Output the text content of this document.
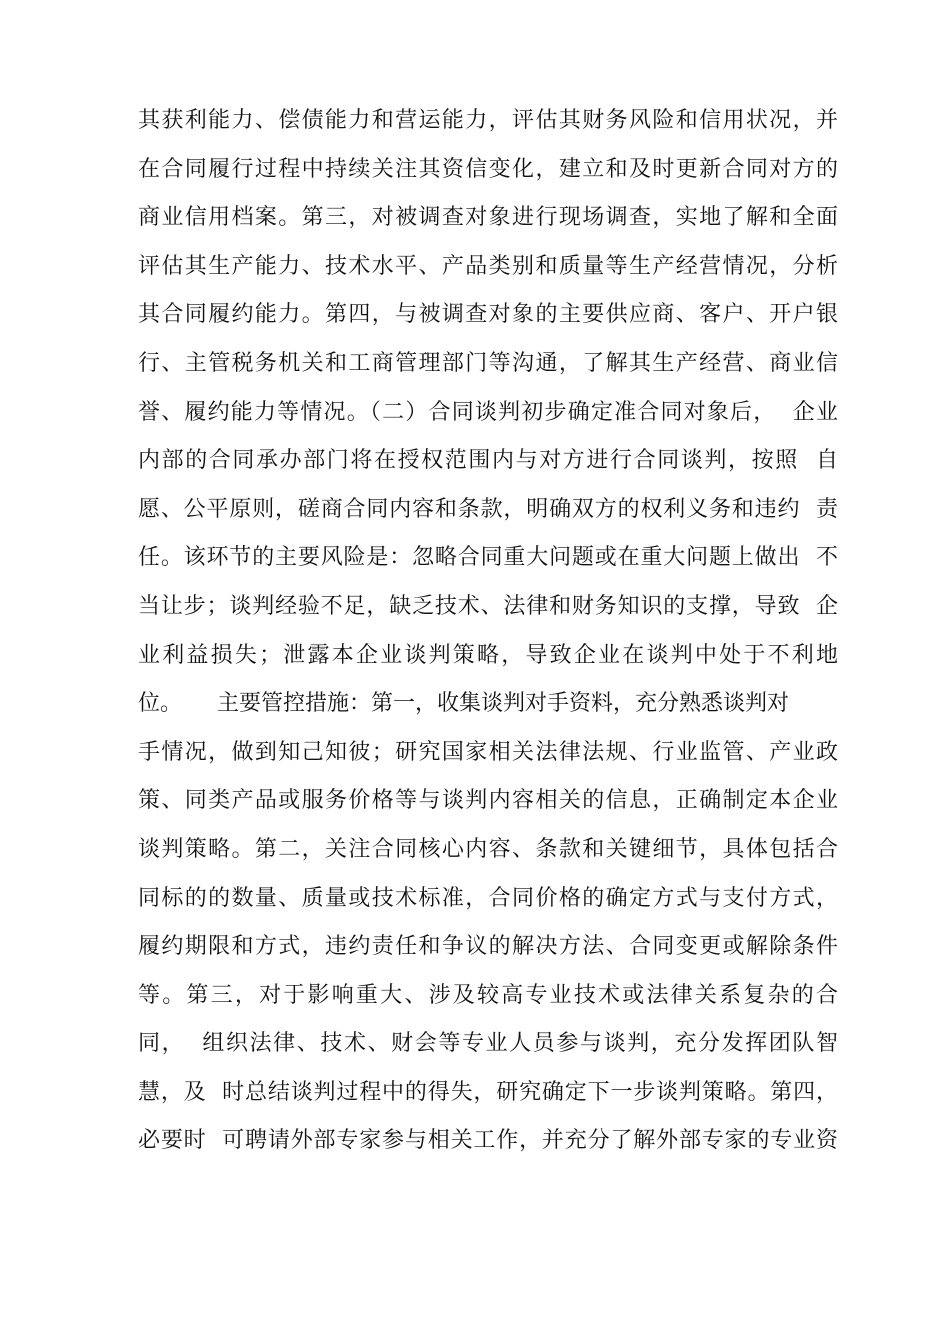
其获利能力、偿债能力和营运能力，评估其财务风险和信用状况，并
在合同履行过程中持续关注其资信变化，建立和及时更新合同对方的
商业信用档案。第三，对被调查对象进行现场调查，实地了解和全面
评估其生产能力、技术水平、产品类别和质量等生产经营情况，分析
其合同履约能力。第四，与被调查对象的主要供应商、客户、开户银
行、主管税务机关和工商管理部门等沟通，了解其生产经营、商业信
誉、履约能力等情况。（二）合同谈判初步确定准合同对象后，  企业
内部的合同承办部门将在授权范围内与对方进行合同谈判，按照  自
愿、公平原则，磋商合同内容和条款，明确双方的权利义务和违约  责
任。该环节的主要风险是：忽略合同重大问题或在重大问题上做出  不
当让步；谈判经验不足，缺乏技术、法律和财务知识的支撑，导致  企
业利益损失；泄露本企业谈判策略，导致企业在谈判中处于不利地
位。     主要管控措施：第一，收集谈判对手资料，充分熟悉谈判对
手情况，做到知己知彼；研究国家相关法律法规、行业监管、产业政
策、同类产品或服务价格等与谈判内容相关的信息，正确制定本企业
谈判策略。第二，关注合同核心内容、条款和关键细节，具体包括合
同标的的数量、质量或技术标准，合同价格的确定方式与支付方式，
履约期限和方式，违约责任和争议的解决方法、合同变更或解除条件
等。第三，对于影响重大、涉及较高专业技术或法律关系复杂的合
同，  组织法律、技术、财会等专业人员参与谈判，充分发挥团队智
慧，及  时总结谈判过程中的得失，研究确定下一步谈判策略。第四，
必要时  可聘请外部专家参与相关工作，并充分了解外部专家的专业资
